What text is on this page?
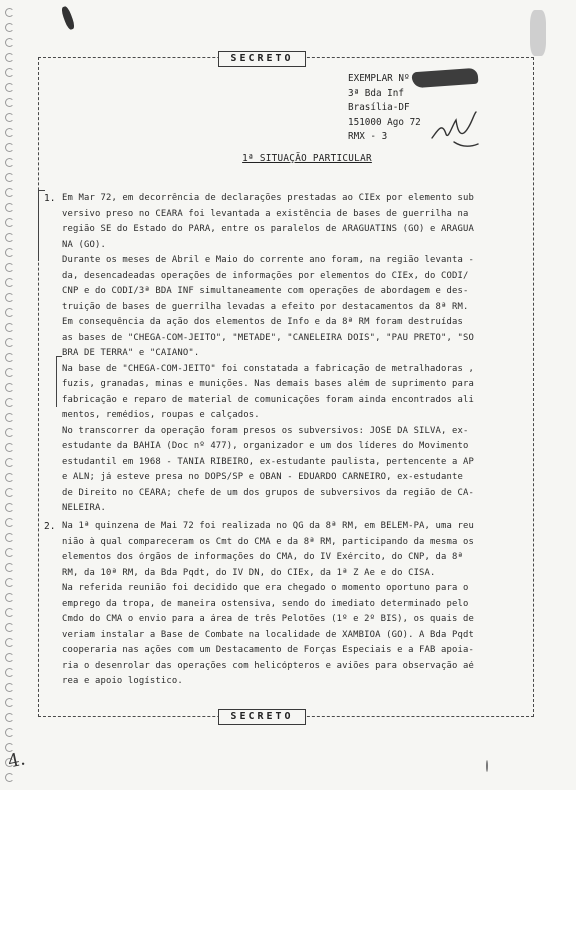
SECRETO
SECRETO
EXEMPLAR Nº
3ª Bda Inf
Brasília-DF
151000 Ago 72
RMX - 3
1ª SITUAÇÃO PARTICULAR
1. Em Mar 72, em decorrência de declarações prestadas ao CIEx por elemento sub
versivo preso no CEARÁ foi levantada a existência de bases de guerrilha na
região SE do Estado do PARÁ, entre os paralelos de ARAGUATINS (GO) e ARAGUA
NA (GO).
Durante os meses de Abril e Maio do corrente ano foram, na região levanta -
da, desencadeadas operações de informações por elementos do CIEx, do CODI/
CNP e do CODI/3ª BDA INF simultaneamente com operações de abordagem e des-
truição de bases de guerrilha levadas a efeito por destacamentos da 8ª RM.
Em consequência da ação dos elementos de Info e da 8ª RM foram destruídas
as bases de "CHEGA-COM-JEITO", "METADE", "CANELEIRA DOIS", "PAU PRETO", "SO
BRA DE TERRA" e "CAIANO".
Na base de "CHEGA-COM-JEITO" foi constatada a fabricação de metralhadoras ,
fuzis, granadas, minas e munições. Nas demais bases além de suprimento para
fabricação e reparo de material de comunicações foram ainda encontrados ali
mentos, remédios, roupas e calçados.
No transcorrer da operação foram presos os subversivos: JOSÉ DA SILVA, ex-
estudante da BAHIA (Doc nº 477), organizador e um dos líderes do Movimento
estudantil em 1968 - TÂNIA RIBEIRO, ex-estudante paulista, pertencente a AP
e ALN; já esteve presa no DOPS/SP e OBAN - EDUARDO CARNEIRO, ex-estudante
de Direito no CEARÁ; chefe de um dos grupos de subversivos da região de CA-
NELEIRA.
2. Na 1ª quinzena de Mai 72 foi realizada no QG da 8ª RM, em BELÉM-PA, uma reu
nião à qual compareceram os Cmt do CMA e da 8ª RM, participando da mesma os
elementos dos órgãos de informações do CMA, do IV Exército, do CNP, da 8ª
RM, da 10ª RM, da Bda Pqdt, do IV DN, do CIEx, da 1ª Z Ae e do CISA.
Na referida reunião foi decidido que era chegado o momento oportuno para o
emprego da tropa, de maneira ostensiva, sendo do imediato determinado pelo
Cmdo do CMA o envio para a área de três Pelotões (1º e 2º BIS), os quais de
veriam instalar a Base de Combate na localidade de XAMBIOÁ (GO). A Bda Pqdt
cooperaria nas ações com um Destacamento de Forças Especiais e a FAB apoia-
ria o desenrolar das operações com helicópteros e aviões para observação aé
rea e apoio logístico.
4.
